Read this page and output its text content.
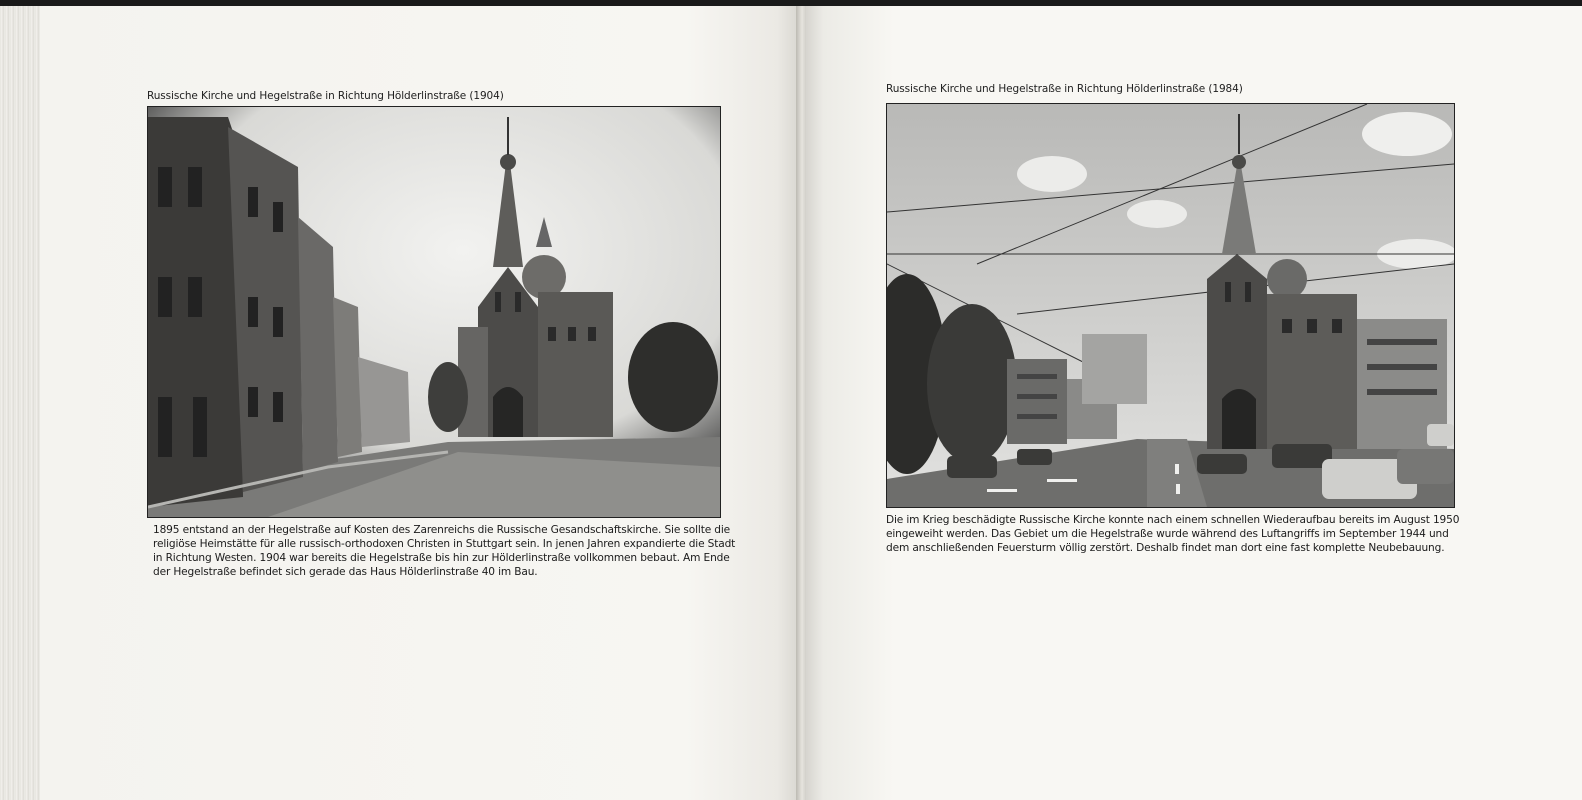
Russische Kirche und Hegelstraße in Richtung Hölderlinstraße (1904)
1895 entstand an der Hegelstraße auf Kosten des Zarenreichs die Russische Gesandschaftskirche. Sie sollte die
religiöse Heimstätte für alle russisch-orthodoxen Christen in Stuttgart sein. In jenen Jahren expandierte die Stadt
in Richtung Westen. 1904 war bereits die Hegelstraße bis hin zur Hölderlinstraße vollkommen bebaut. Am Ende
der Hegelstraße befindet sich gerade das Haus Hölderlinstraße 40 im Bau.
Russische Kirche und Hegelstraße in Richtung Hölderlinstraße (1984)
Die im Krieg beschädigte Russische Kirche konnte nach einem schnellen Wiederaufbau bereits im August 1950
eingeweiht werden. Das Gebiet um die Hegelstraße wurde während des Luftangriffs im September 1944 und
dem anschließenden Feuersturm völlig zerstört. Deshalb findet man dort eine fast komplette Neubebauung.
